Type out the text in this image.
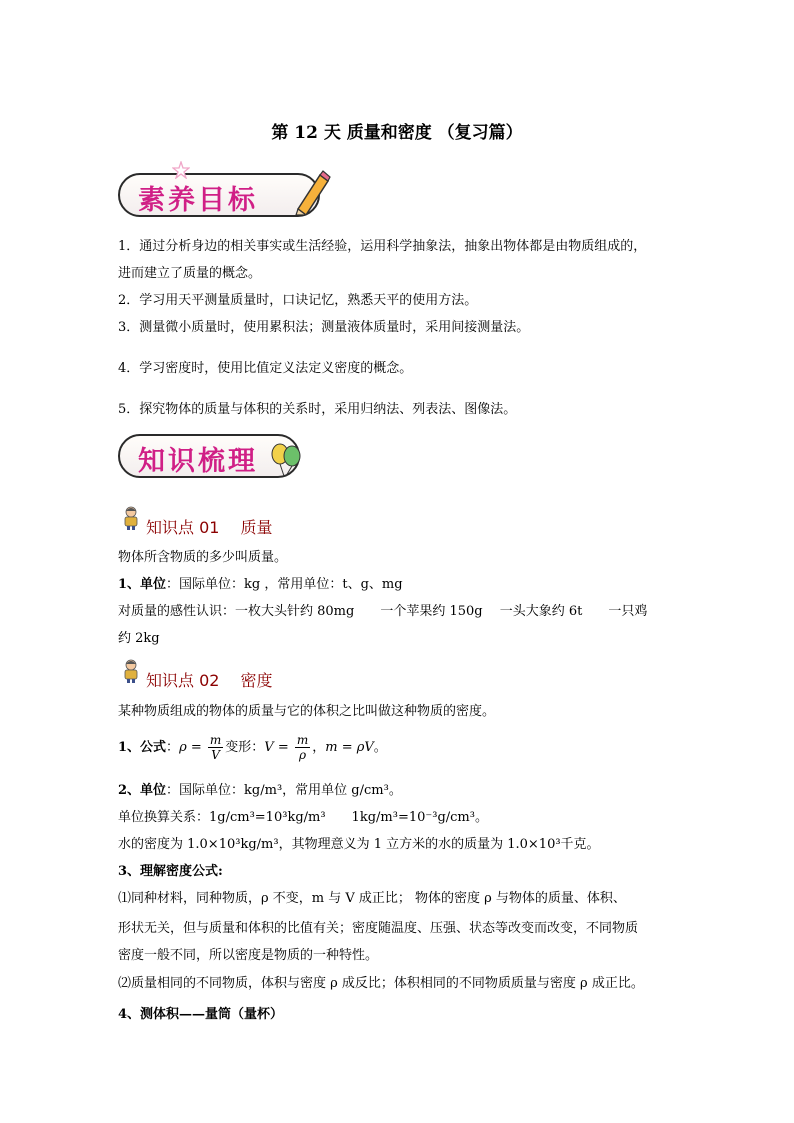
第 12 天 质量和密度 （复习篇）
素养目标
1．通过分析身边的相关事实或生活经验，运用科学抽象法，抽象出物体都是由物质组成的，
进而建立了质量的概念。
2．学习用天平测量质量时，口诀记忆，熟悉天平的使用方法。
3．测量微小质量时，使用累积法；测量液体质量时，采用间接测量法。
4．学习密度时，使用比值定义法定义密度的概念。
5．探究物体的质量与体积的关系时，采用归纳法、列表法、图像法。
知识梳理
知识点 01　 质量
物体所含物质的多少叫质量。
1、单位：国际单位：kg ，常用单位：t、g、mg
对质量的感性认识：一枚大头针约 80mg　　一个苹果约 150g　 一头大象约 6t　　一只鸡
约 2kg
知识点 02　 密度
某种物质组成的物体的质量与它的体积之比叫做这种物质的密度。
1、公式：$\rho = \frac{m}{V}$ 变形：$V = \frac{m}{\rho}$ ，m = ρV。
2、单位：国际单位：kg/m³，常用单位 g/cm³。
单位换算关系：1g/cm³=10³kg/m³　　1kg/m³=10⁻³g/cm³。
水的密度为 1.0×10³kg/m³，其物理意义为 1 立方米的水的质量为 1.0×10³千克。
3、理解密度公式:
⑴同种材料，同种物质，ρ 不变，m 与 V 成正比； 物体的密度 ρ 与物体的质量、体积、
形状无关，但与质量和体积的比值有关；密度随温度、压强、状态等改变而改变，不同物质
密度一般不同，所以密度是物质的一种特性。
⑵质量相同的不同物质，体积与密度 ρ 成反比；体积相同的不同物质质量与密度 ρ 成正比。
4、测体积——量筒（量杯）
